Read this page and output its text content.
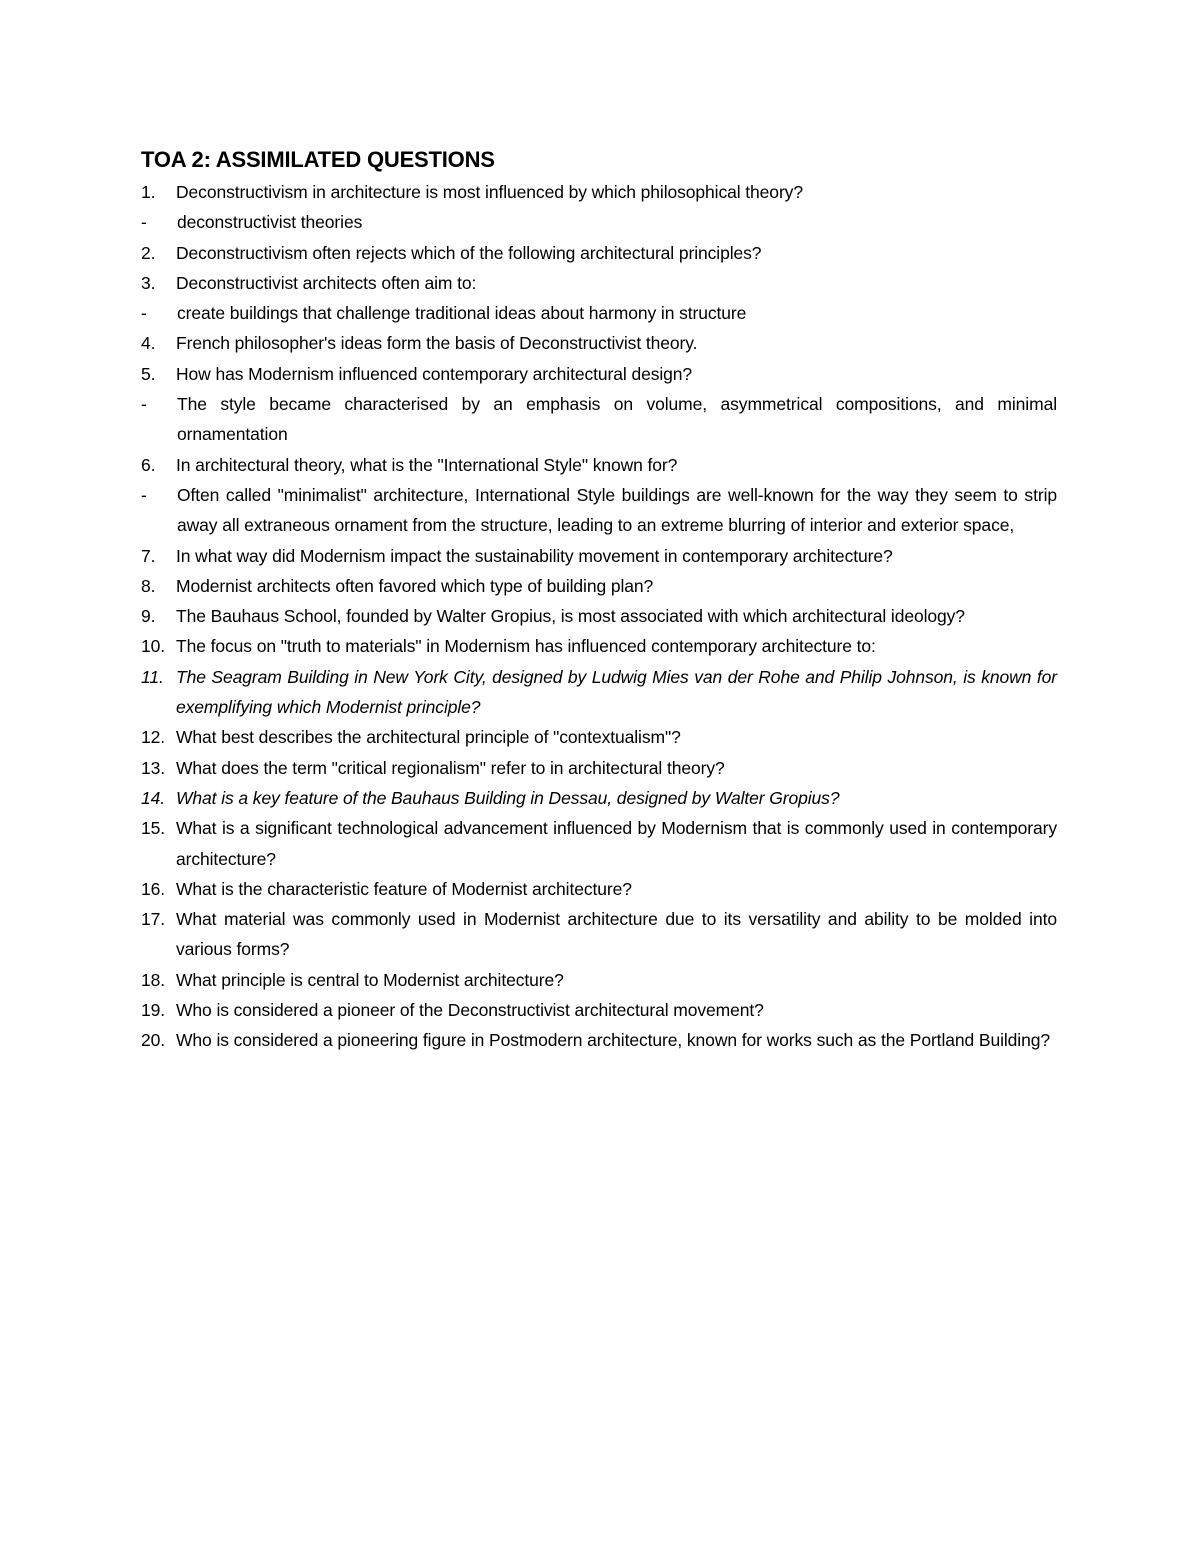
TOA 2: ASSIMILATED QUESTIONS
1.	Deconstructivism in architecture is most influenced by which philosophical theory?
-	deconstructivist theories
2.	Deconstructivism often rejects which of the following architectural principles?
3.	Deconstructivist architects often aim to:
-	create buildings that challenge traditional ideas about harmony in structure
4.	French philosopher's ideas form the basis of Deconstructivist theory.
5.	How has Modernism influenced contemporary architectural design?
-	The style became characterised by an emphasis on volume, asymmetrical compositions, and minimal ornamentation
6.	In architectural theory, what is the "International Style" known for?
-	Often called "minimalist" architecture, International Style buildings are well-known for the way they seem to strip away all extraneous ornament from the structure, leading to an extreme blurring of interior and exterior space,
7.	In what way did Modernism impact the sustainability movement in contemporary architecture?
8.	Modernist architects often favored which type of building plan?
9.	The Bauhaus School, founded by Walter Gropius, is most associated with which architectural ideology?
10. The focus on "truth to materials" in Modernism has influenced contemporary architecture to:
11. The Seagram Building in New York City, designed by Ludwig Mies van der Rohe and Philip Johnson, is known for exemplifying which Modernist principle?
12. What best describes the architectural principle of "contextualism"?
13. What does the term "critical regionalism" refer to in architectural theory?
14. What is a key feature of the Bauhaus Building in Dessau, designed by Walter Gropius?
15. What is a significant technological advancement influenced by Modernism that is commonly used in contemporary architecture?
16. What is the characteristic feature of Modernist architecture?
17. What material was commonly used in Modernist architecture due to its versatility and ability to be molded into various forms?
18. What principle is central to Modernist architecture?
19. Who is considered a pioneer of the Deconstructivist architectural movement?
20. Who is considered a pioneering figure in Postmodern architecture, known for works such as the Portland Building?
